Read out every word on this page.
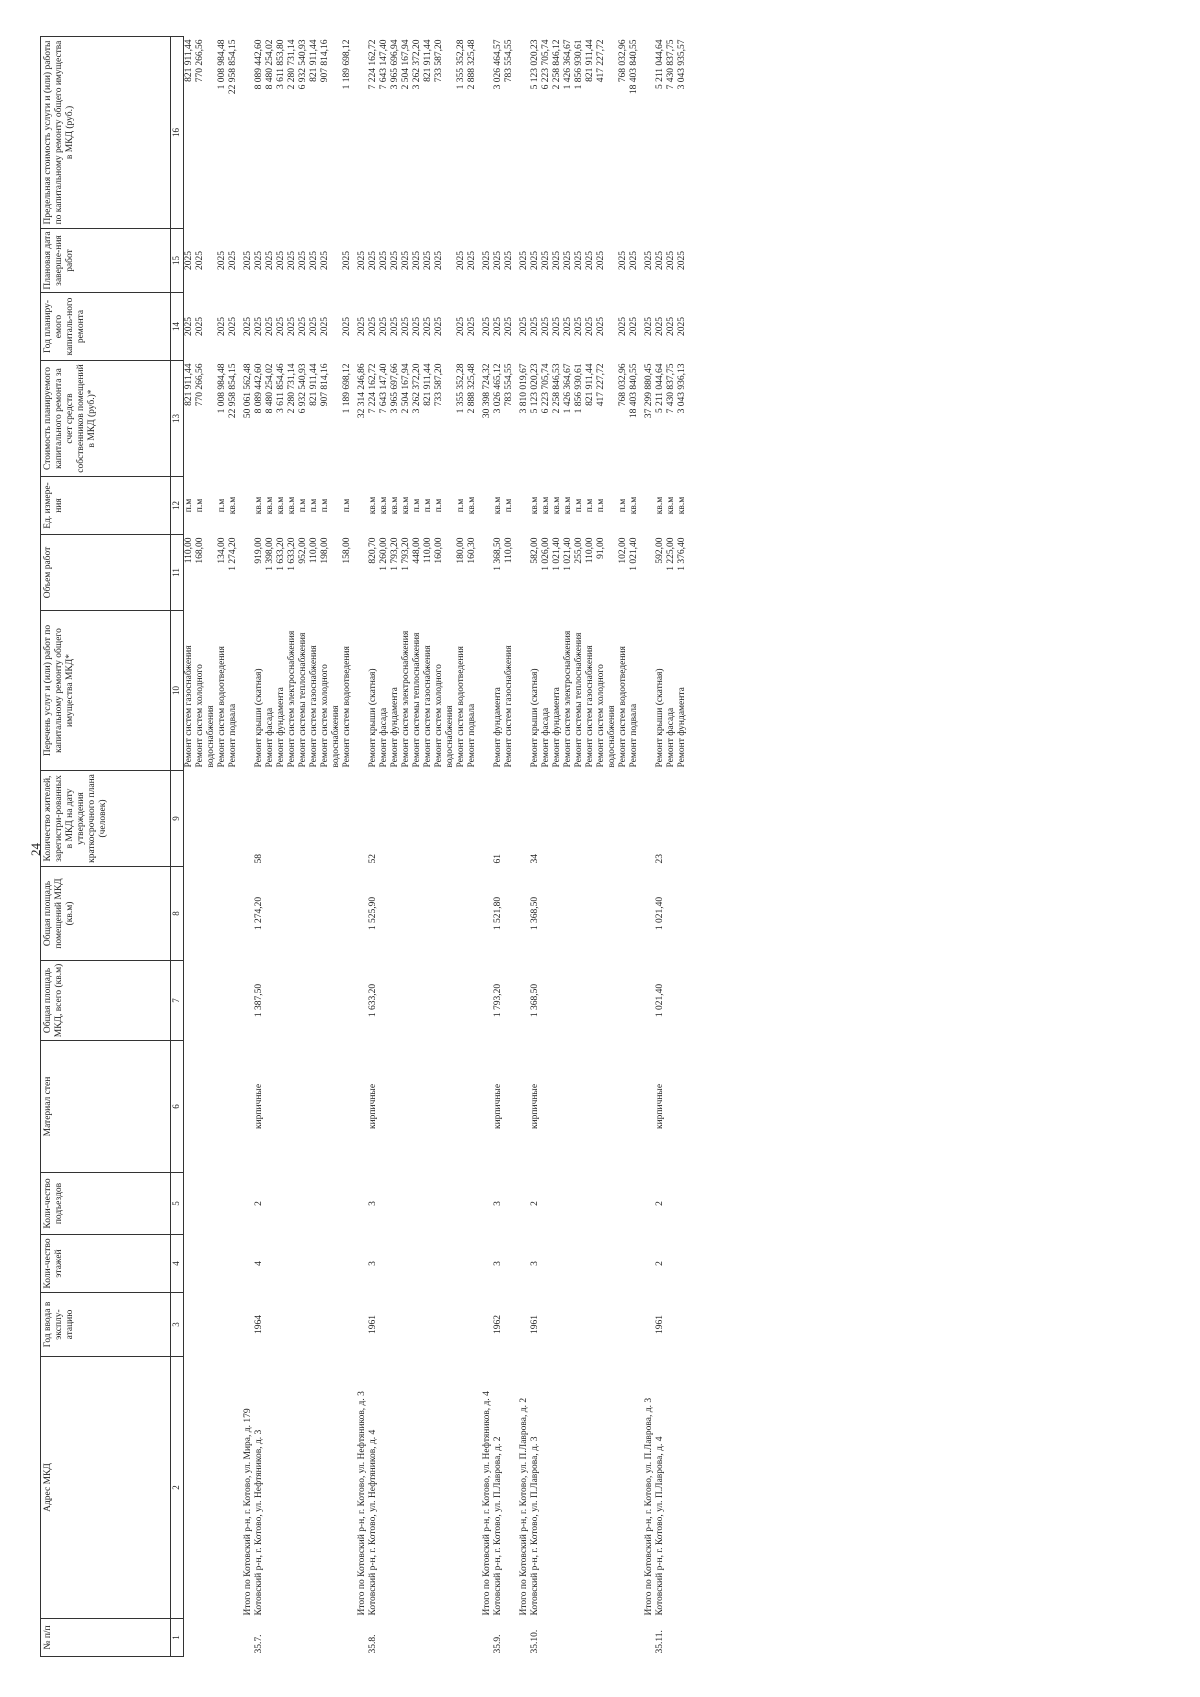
24
№ п/п	Адрес МКД	Год ввода в эксплу-атацию	Коли-чество этажей	Коли-чество подъездов	Материал стен	Общая площадь МКД, всего (кв.м)	Общая площадь помещений МКД (кв.м)	Количество жителей, зарегистри-рованных в МКД на дату утверждения краткосрочного плана (человек)	Перечень услуг и (или) работ по капитальному ремонту общего имущества МКД*	Объем работ	Ед. измере-ния	Стоимость планируемого капитального ремонта за счет средств собственников помещений в МКД (руб.)*	Год планиру-емого капиталь-ного ремонта	Плановая дата заверше-ния работ	Предельная стоимость услуги и (или) работы по капитальному ремонту общего имущества в МКД (руб.)
1	2	3	4	5	6	7	8	9	10	11	12	13	14	15	16
									Ремонт систем газоснабжения	110,00	п.м	821 911,44	2025	2025	821 911,44
									Ремонт систем холодного водоснабжения	168,00	п.м	770 266,56	2025	2025	770 266,56
									Ремонт систем водоотведения	134,00	п.м	1 008 984,48	2025	2025	1 008 984,48
									Ремонт подвала	1 274,20	кв.м	22 958 854,15	2025	2025	22 958 854,15
	Итого по Котовский р-н, г. Котово, ул. Мира, д. 179											50 061 562,48	2025	2025	
35.7.	Котовский р-н, г. Котово, ул. Нефтяников, д. 3	1964	4	2	кирпичные	1 387,50	1 274,20	58	Ремонт крыши (скатная)	919,00	кв.м	8 089 442,60	2025	2025	8 089 442,60
									Ремонт фасада	1 398,00	кв.м	8 480 254,02	2025	2025	8 480 254,02
									Ремонт фундамента	1 633,20	кв.м	3 611 854,46	2025	2025	3 611 853,80
									Ремонт систем электроснабжения	1 633,20	кв.м	2 280 731,14	2025	2025	2 280 731,14
									Ремонт системы теплоснабжения	952,00	п.м	6 932 540,93	2025	2025	6 932 540,93
									Ремонт систем газоснабжения	110,00	п.м	821 911,44	2025	2025	821 911,44
									Ремонт систем холодного водоснабжения	198,00	п.м	907 814,16	2025	2025	907 814,16
									Ремонт систем водоотведения	158,00	п.м	1 189 698,12	2025	2025	1 189 698,12
	Итого по Котовский р-н, г. Котово, ул. Нефтяников, д. 3											32 314 246,86	2025	2025	
35.8.	Котовский р-н, г. Котово, ул. Нефтяников, д. 4	1961	3	3	кирпичные	1 633,20	1 525,90	52	Ремонт крыши (скатная)	820,70	кв.м	7 224 162,72	2025	2025	7 224 162,72
									Ремонт фасада	1 260,00	кв.м	7 643 147,40	2025	2025	7 643 147,40
									Ремонт фундамента	1 793,20	кв.м	3 965 697,66	2025	2025	3 965 696,94
									Ремонт систем электроснабжения	1 793,20	кв.м	2 504 167,94	2025	2025	2 504 167,94
									Ремонт системы теплоснабжения	448,00	п.м	3 262 372,20	2025	2025	3 262 372,20
									Ремонт систем газоснабжения	110,00	п.м	821 911,44	2025	2025	821 911,44
									Ремонт систем холодного водоснабжения	160,00	п.м	733 587,20	2025	2025	733 587,20
									Ремонт систем водоотведения	180,00	п.м	1 355 352,28	2025	2025	1 355 352,28
									Ремонт подвала	160,30	кв.м	2 888 325,48	2025	2025	2 888 325,48
	Итого по Котовский р-н, г. Котово, ул. Нефтяников, д. 4											30 398 724,32	2025	2025	
35.9.	Котовский р-н, г. Котово, ул. П.Лаврова, д. 2	1962	3	3	кирпичные	1 793,20	1 521,80	61	Ремонт фундамента	1 368,50	кв.м	3 026 465,12	2025	2025	3 026 464,57
									Ремонт систем газоснабжения	110,00	п.м	783 554,55	2025	2025	783 554,55
	Итого по Котовский р-н, г. Котово, ул. П.Лаврова, д. 2											3 810 019,67	2025	2025	
35.10.	Котовский р-н, г. Котово, ул. П.Лаврова, д. 3	1961	3	2	кирпичные	1 368,50	1 368,50	34	Ремонт крыши (скатная)	582,00	кв.м	5 123 020,23	2025	2025	5 123 020,23
									Ремонт фасада	1 026,00	кв.м	6 223 705,74	2025	2025	6 223 705,74
									Ремонт фундамента	1 021,40	кв.м	2 258 846,53	2025	2025	2 258 846,12
									Ремонт систем электроснабжения	1 021,40	кв.м	1 426 364,67	2025	2025	1 426 364,67
									Ремонт системы теплоснабжения	255,00	п.м	1 856 930,61	2025	2025	1 856 930,61
									Ремонт систем газоснабжения	110,00	п.м	821 911,44	2025	2025	821 911,44
									Ремонт систем холодного водоснабжения	91,00	п.м	417 227,72	2025	2025	417 227,72
									Ремонт систем водоотведения	102,00	п.м	768 032,96	2025	2025	768 032,96
									Ремонт подвала	1 021,40	кв.м	18 403 840,55	2025	2025	18 403 840,55
	Итого по Котовский р-н, г. Котово, ул. П.Лаврова, д. 3											37 299 880,45	2025	2025	
35.11.	Котовский р-н, г. Котово, ул. П.Лаврова, д. 4	1961	2	2	кирпичные	1 021,40	1 021,40	23	Ремонт крыши (скатная)	592,00	кв.м	5 211 044,64	2025	2025	5 211 044,64
									Ремонт фасада	1 225,00	кв.м	7 430 837,75	2025	2025	7 430 837,75
									Ремонт фундамента	1 376,40	кв.м	3 043 936,13	2025	2025	3 043 935,57
